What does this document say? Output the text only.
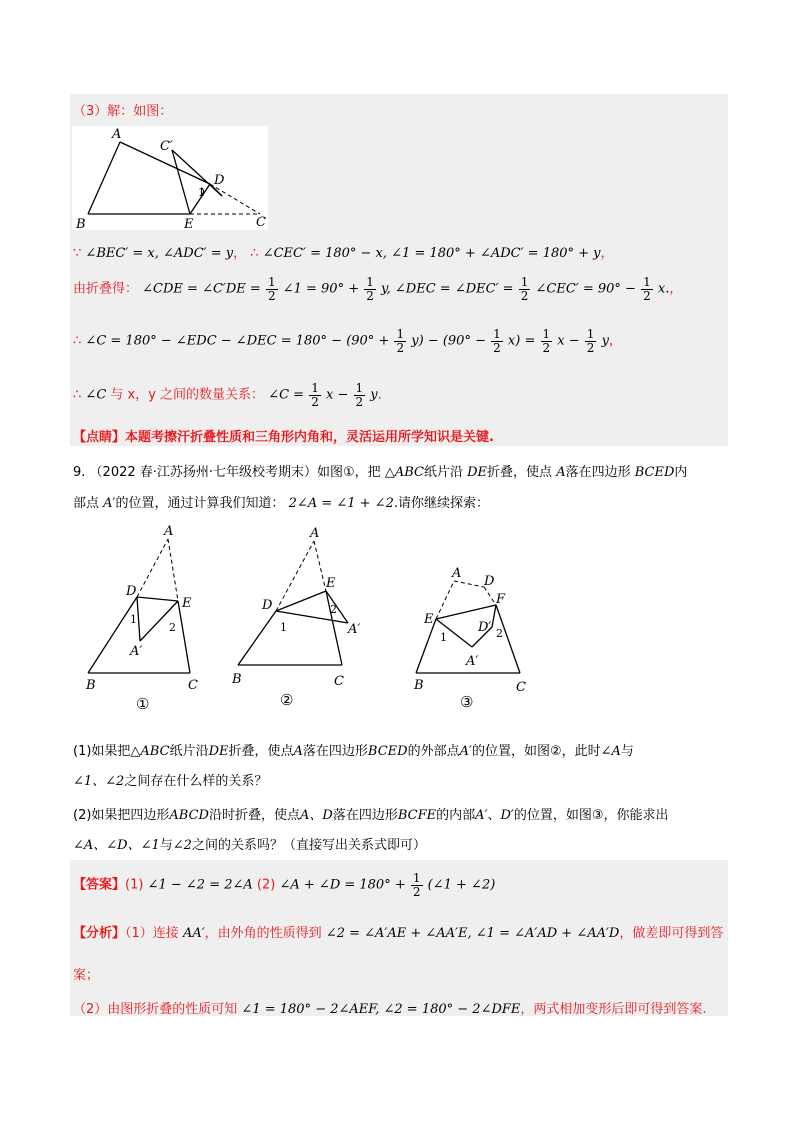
（3）解：如图：
A
C′
D
1
B	E	C
∵ ∠BEC′ = x, ∠ADC′ = y， ∴ ∠CEC′ = 180° − x, ∠1 = 180° + ∠ADC′ = 180° + y，
由折叠得： ∠CDE = ∠C′DE = $\frac{1}{2}$ ∠1 = $90^\circ + \frac{1}{2} y$, ∠DEC = ∠DEC′ = $\frac{1}{2}$ ∠CEC′ = $90^\circ - \frac{1}{2} x$.，
∴ ∠C = 180° − ∠EDC − ∠DEC = $180^\circ - (90^\circ + \frac{1}{2} y) - (90^\circ - \frac{1}{2} x) = \frac{1}{2}$ $x - \frac{1}{2}$ y，
∴ ∠C 与 x，y 之间的数量关系： ∠C = $\frac{1}{2}$ $x - \frac{1}{2} y$.
【点睛】本题考擦汗折叠性质和三角形内角和，灵活运用所学知识是关键.
9. （2022 春·江苏扬州·七年级校考期末）如图①，把 △ABC纸片沿 DE折叠，使点 A落在四边形 BCED内
部点 A′的位置，通过计算我们知道： 2∠A = ∠1 + ∠2.请你继续探索：
A
D
E
1
2
A′
B	C
①
A
D
E
1
2
A′
B	C
②
A
D
E
F
1	2
A′
D′
B	C
③
(1)如果把△ABC纸片沿DE折叠，使点A落在四边形BCED的外部点A′的位置，如图②，此时∠A与
∠1、∠2之间存在什么样的关系？
(2)如果把四边形ABCD沿时折叠，使点A、D落在四边形BCFE的内部A′、D′的位置，如图③，你能求出
∠A、∠D、∠1与∠2之间的关系吗？（直接写出关系式即可）
【答案】(1) ∠1 − ∠2 = 2∠A (2) ∠A + ∠D = $180^\circ + \frac{1}{2}$ (∠1 + ∠2)
【分析】（1）连接 AA′，由外角的性质得到 ∠2 = ∠A′AE + ∠AA′E, ∠1 = ∠A′AD + ∠AA′D，做差即可得到答
案；
（2）由图形折叠的性质可知 ∠1 = 180° − 2∠AEF, ∠2 = 180° − 2∠DFE，两式相加变形后即可得到答案.
